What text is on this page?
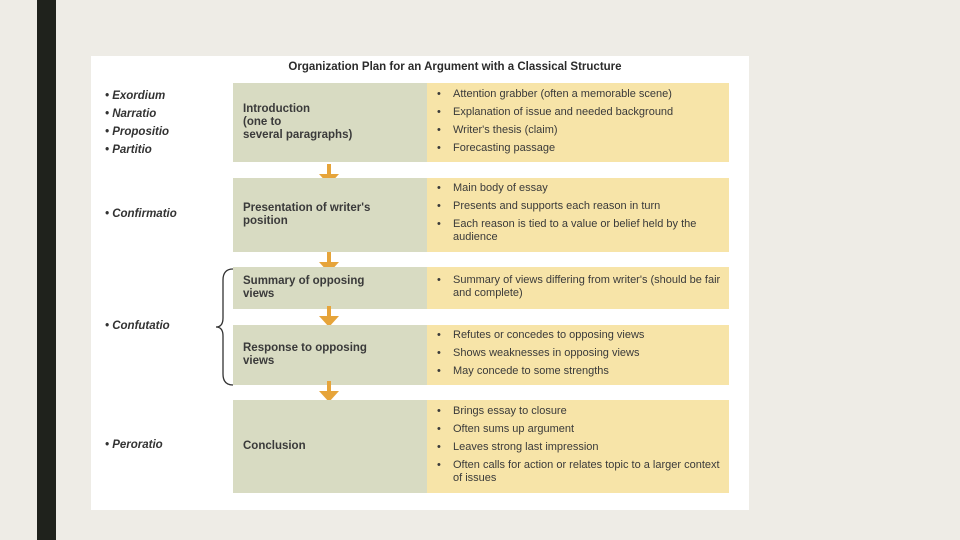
Organization Plan for an Argument with a Classical Structure
• Exordium
• Narratio
• Propositio
• Partitio
• Confirmatio
• Confutatio
• Peroratio
Introduction
(one to
several paragraphs)
• Attention grabber (often a memorable scene)
• Explanation of issue and needed background
• Writer's thesis (claim)
• Forecasting passage
Presentation of writer's
position
• Main body of essay
• Presents and supports each reason in turn
• Each reason is tied to a value or belief held by the audience
Summary of opposing
views
• Summary of views differing from writer's (should be fair and complete)
Response to opposing
views
• Refutes or concedes to opposing views
• Shows weaknesses in opposing views
• May concede to some strengths
Conclusion
• Brings essay to closure
• Often sums up argument
• Leaves strong last impression
• Often calls for action or relates topic to a larger context of issues
